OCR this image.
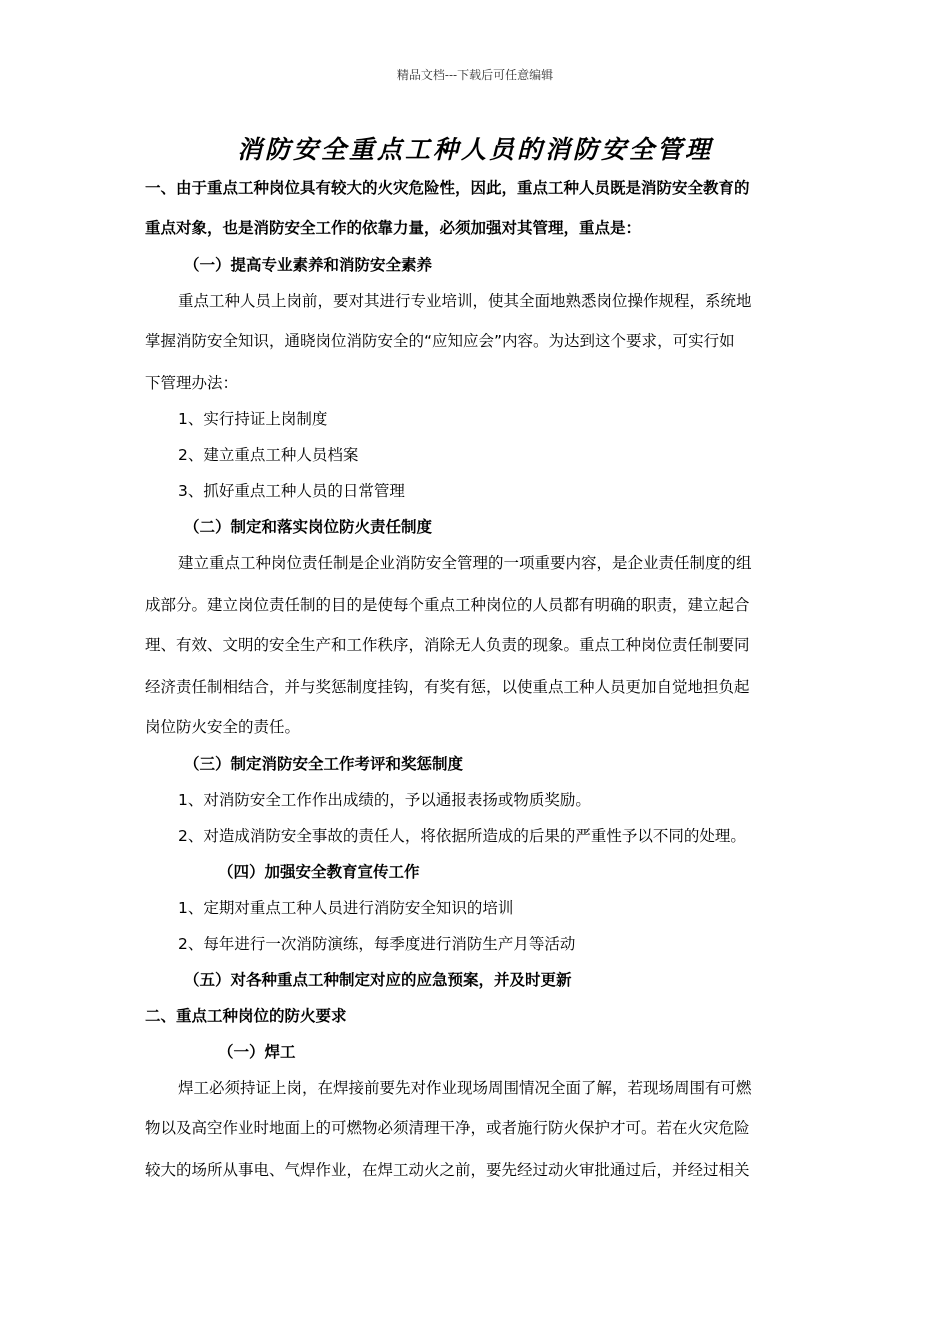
精品文档---下载后可任意编辑
消防安全重点工种人员的消防安全管理
一、由于重点工种岗位具有较大的火灾危险性，因此，重点工种人员既是消防安全教育的
重点对象，也是消防安全工作的依靠力量，必须加强对其管理，重点是：
（一）提高专业素养和消防安全素养
重点工种人员上岗前，要对其进行专业培训，使其全面地熟悉岗位操作规程，系统地
掌握消防安全知识，通晓岗位消防安全的“应知应会”内容。为达到这个要求，可实行如
下管理办法：
1、实行持证上岗制度
2、建立重点工种人员档案
3、抓好重点工种人员的日常管理
（二）制定和落实岗位防火责任制度
建立重点工种岗位责任制是企业消防安全管理的一项重要内容，是企业责任制度的组
成部分。建立岗位责任制的目的是使每个重点工种岗位的人员都有明确的职责，建立起合
理、有效、文明的安全生产和工作秩序，消除无人负责的现象。重点工种岗位责任制要同
经济责任制相结合，并与奖惩制度挂钩，有奖有惩，以使重点工种人员更加自觉地担负起
岗位防火安全的责任。
（三）制定消防安全工作考评和奖惩制度
1、对消防安全工作作出成绩的，予以通报表扬或物质奖励。
2、对造成消防安全事故的责任人，将依据所造成的后果的严重性予以不同的处理。
（四）加强安全教育宣传工作
1、定期对重点工种人员进行消防安全知识的培训
2、每年进行一次消防演练，每季度进行消防生产月等活动
（五）对各种重点工种制定对应的应急预案，并及时更新
二、重点工种岗位的防火要求
（一）焊工
焊工必须持证上岗，在焊接前要先对作业现场周围情况全面了解，若现场周围有可燃
物以及高空作业时地面上的可燃物必须清理干净，或者施行防火保护才可。若在火灾危险
较大的场所从事电、气焊作业，在焊工动火之前，要先经过动火审批通过后，并经过相关
